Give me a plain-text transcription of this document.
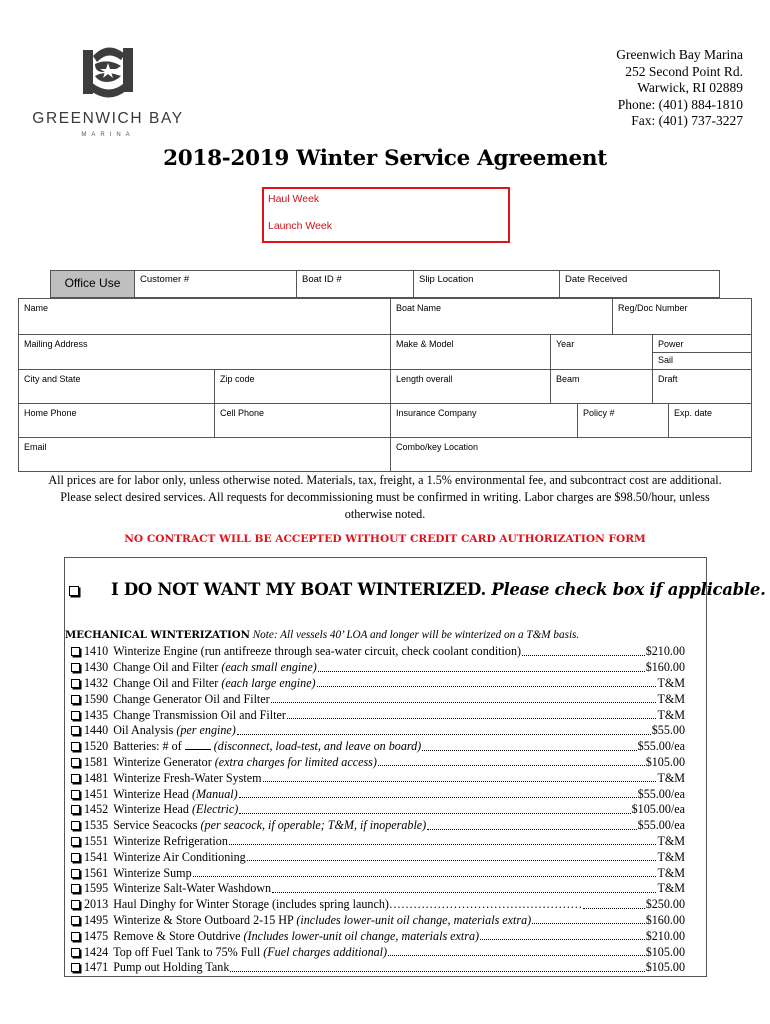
GREENWICH BAY
MARINA
Greenwich Bay Marina
252 Second Point Rd.
Warwick, RI 02889
Phone: (401) 884-1810
Fax: (401) 737-3227
2018-2019 Winter Service Agreement
Haul Week
Launch Week
Office Use	Customer #	Boat ID #	Slip Location	Date Received
Name	Boat Name	Reg/Doc Number
Mailing Address	Make & Model	Year	Power
Sail
City and State	Zip code	Length overall	Beam	Draft
Home Phone	Cell Phone	Insurance Company	Policy #	Exp. date
Email	Combo/key Location
All prices are for labor only, unless otherwise noted. Materials, tax, freight, a 1.5% environmental fee, and subcontract cost are additional. Please select desired services. All requests for decommissioning must be confirmed in writing. Labor charges are $98.50/hour, unless otherwise noted.
NO CONTRACT WILL BE ACCEPTED WITHOUT CREDIT CARD AUTHORIZATION FORM
I DO NOT WANT MY BOAT WINTERIZED. Please check box if applicable.
MECHANICAL WINTERIZATION Note: All vessels 40’ LOA and longer will be winterized on a T&M basis.
1410 Winterize Engine (run antifreeze through sea-water circuit, check coolant condition)	$210.00
1430 Change Oil and Filter (each small engine)	$160.00
1432 Change Oil and Filter (each large engine)	T&M
1590 Change Generator Oil and Filter	T&M
1435 Change Transmission Oil and Filter	T&M
1440 Oil Analysis (per engine)	$55.00
1520 Batteries: # of	(disconnect, load-test, and leave on board)	$55.00/ea
1581 Winterize Generator (extra charges for limited access)	$105.00
1481 Winterize Fresh-Water System	T&M
1451 Winterize Head (Manual)	$55.00/ea
1452 Winterize Head (Electric)	$105.00/ea
1535 Service Seacocks (per seacock, if operable; T&M, if inoperable)	$55.00/ea
1551 Winterize Refrigeration	T&M
1541 Winterize Air Conditioning	T&M
1561 Winterize Sump	T&M
1595 Winterize Salt-Water Washdown	T&M
2013 Haul Dinghy for Winter Storage (includes spring launch)…………………………………………	$250.00
1495 Winterize & Store Outboard 2-15 HP (includes lower-unit oil change, materials extra)	$160.00
1475 Remove & Store Outdrive (Includes lower-unit oil change, materials extra)	$210.00
1424 Top off Fuel Tank to 75% Full (Fuel charges additional)	$105.00
1471 Pump out Holding Tank	$105.00
